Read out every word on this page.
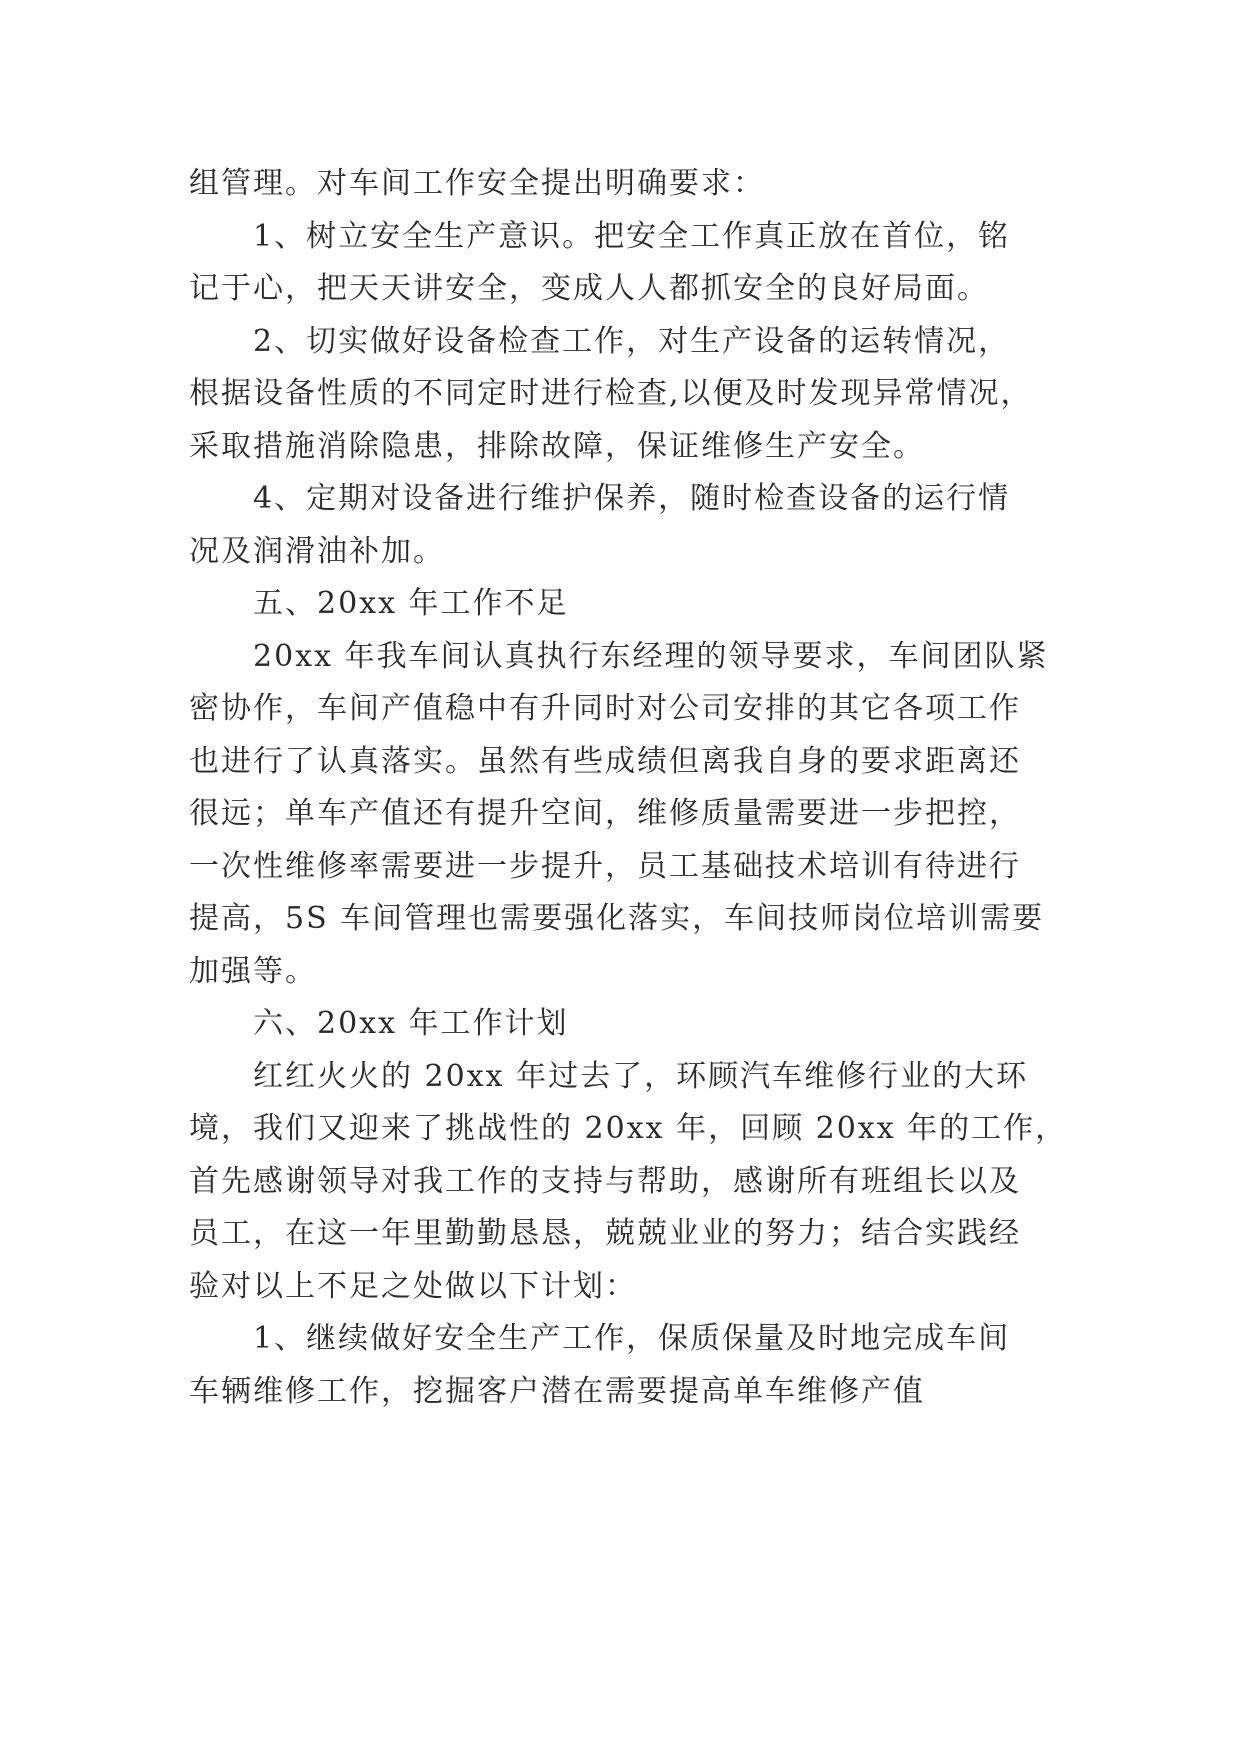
组管理。对车间工作安全提出明确要求：
1、树立安全生产意识。把安全工作真正放在首位，铭
记于心，把天天讲安全，变成人人都抓安全的良好局面。
2、切实做好设备检查工作，对生产设备的运转情况，
根据设备性质的不同定时进行检查,以便及时发现异常情况，
采取措施消除隐患，排除故障，保证维修生产安全。
4、定期对设备进行维护保养，随时检查设备的运行情
况及润滑油补加。
五、20xx 年工作不足
20xx 年我车间认真执行东经理的领导要求，车间团队紧
密协作，车间产值稳中有升同时对公司安排的其它各项工作
也进行了认真落实。虽然有些成绩但离我自身的要求距离还
很远；单车产值还有提升空间，维修质量需要进一步把控，
一次性维修率需要进一步提升，员工基础技术培训有待进行
提高，5S 车间管理也需要强化落实，车间技师岗位培训需要
加强等。
六、20xx 年工作计划
红红火火的 20xx 年过去了，环顾汽车维修行业的大环
境，我们又迎来了挑战性的 20xx 年，回顾 20xx 年的工作，
首先感谢领导对我工作的支持与帮助，感谢所有班组长以及
员工，在这一年里勤勤恳恳，兢兢业业的努力；结合实践经
验对以上不足之处做以下计划：
1、继续做好安全生产工作，保质保量及时地完成车间
车辆维修工作，挖掘客户潜在需要提高单车维修产值
